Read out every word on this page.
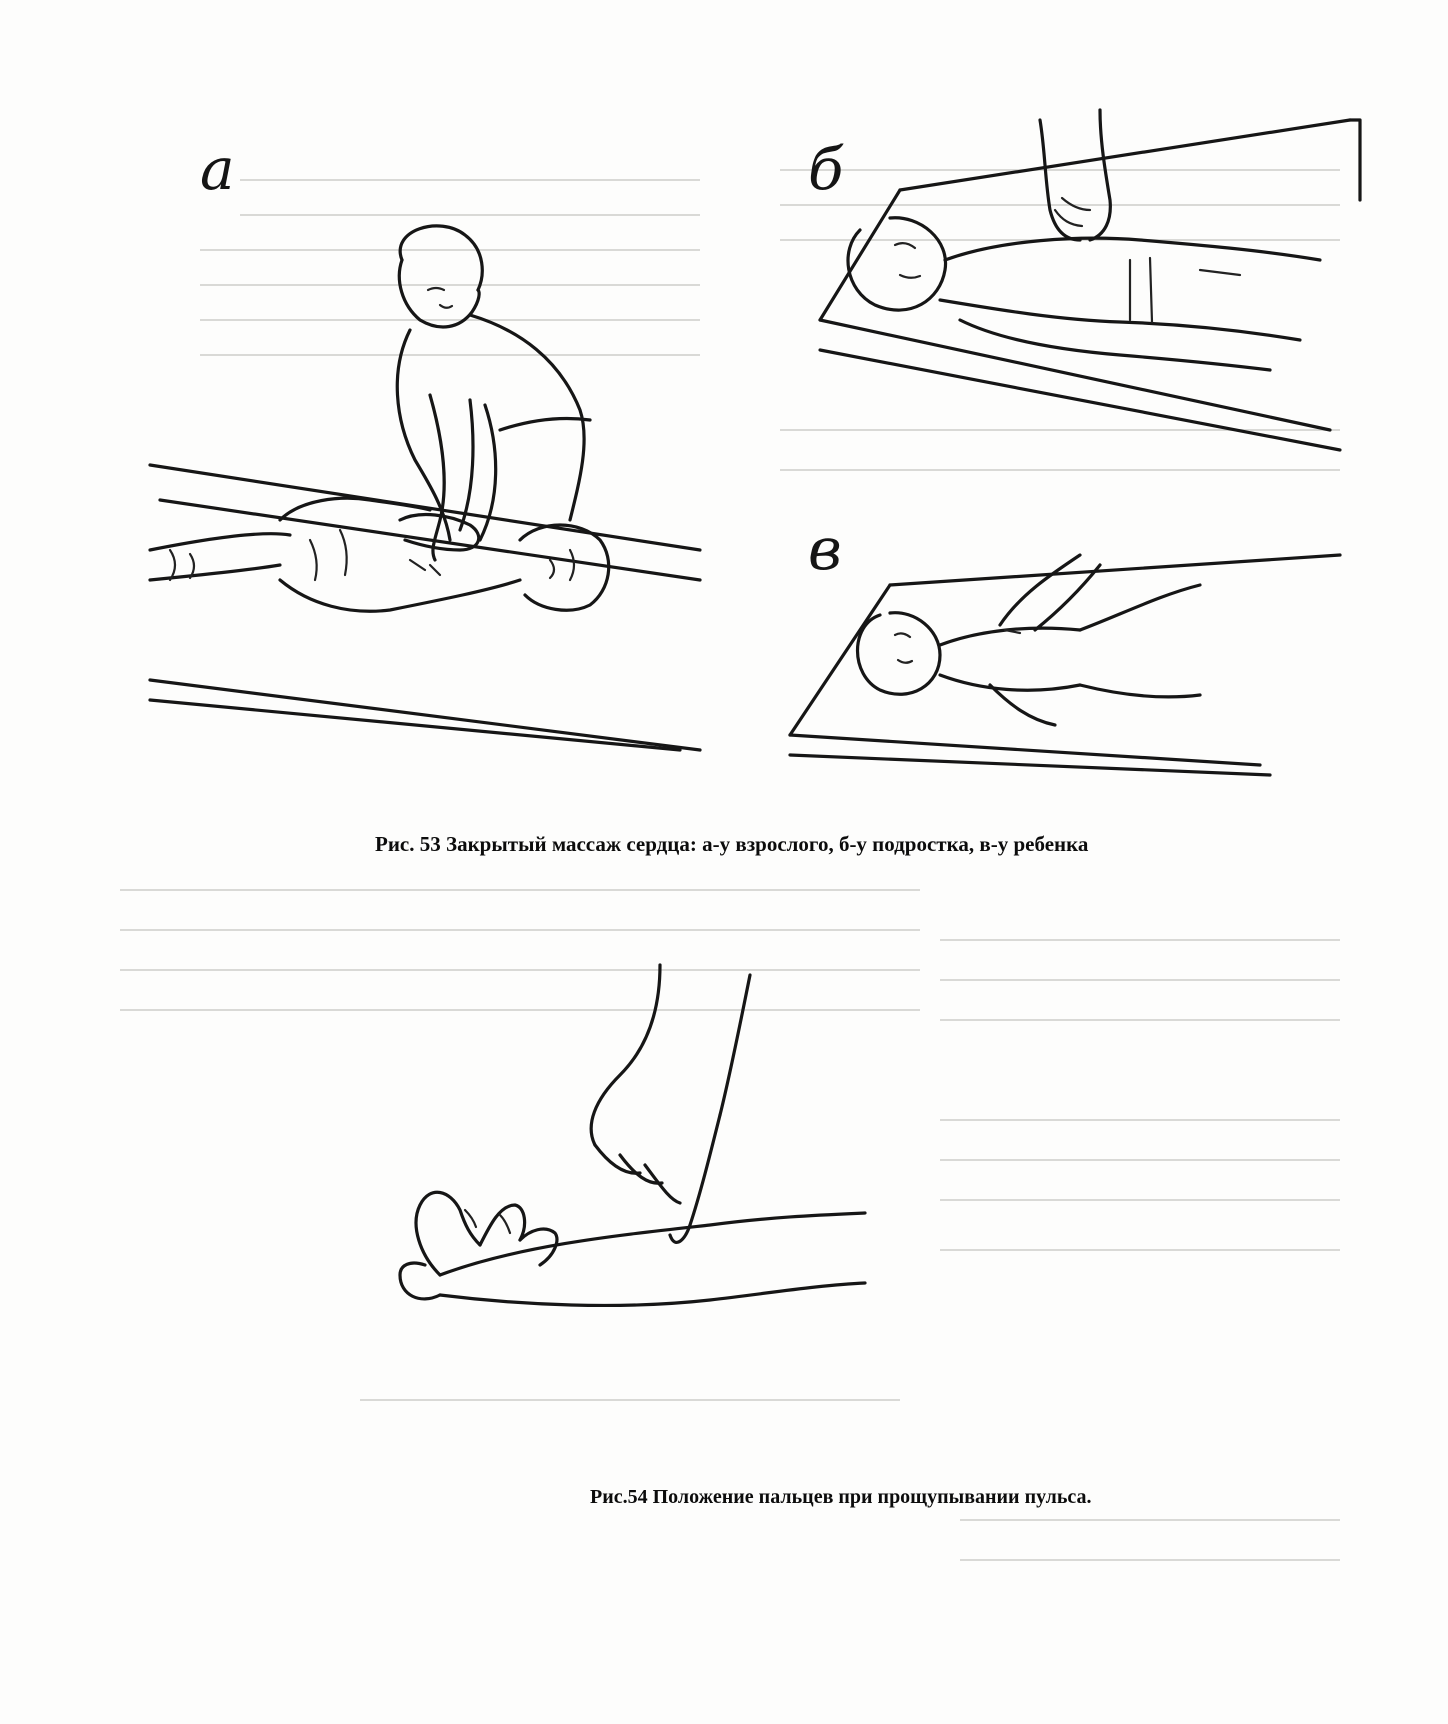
а	б
в
Рис. 53 Закрытый массаж сердца: а-у взрослого, б-у подростка, в-у ребенка
Рис.54 Положение пальцев при прощупывании пульса.
